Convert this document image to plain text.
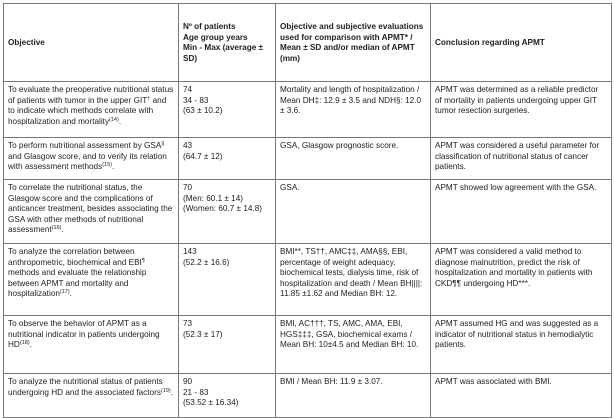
Objective	Nº of patients
Age group years
Min - Max (average ± SD)	Objective and subjective evaluations used for comparison with APMT* / Mean ± SD and/or median of APMT (mm)	Conclusion regarding APMT
To evaluate the preoperative nutritional status of patients with tumor in the upper GIT† and to indicate which methods correlate with hospitalization and mortality$^{(14)}$.	74
34 - 83
(63 ± 10.2)	Mortality and length of hospitalization / Mean DH‡: 12.9 ± 3.5 and NDH§: 12.0 ± 3.6.	APMT was determined as a reliable predictor of mortality in patients undergoing upper GIT tumor resection surgeries.
To perform nutritional assessment by GSA|| and Glasgow score, and to verify its relation with assessment methods$^{(15)}$.	43
(64.7 ± 12)	GSA, Glasgow prognostic score.	APMT was considered a useful parameter for classification of nutritional status of cancer patients.
To correlate the nutritional status, the Glasgow score and the complications of anticancer treatment, besides associating the GSA with other methods of nutritional assessment$^{(16)}$.	70
(Men: 60.1 ± 14)
(Women: 60.7 ± 14.8)	GSA.	APMT showed low agreement with the GSA.
To analyze the correlation between anthropometric, biochemical and EBI¶ methods and evaluate the relationship between APMT and mortality and hospitalization$^{(17)}$.	143
(52.2 ± 16.6)	BMI**, TS††, AMC‡‡, AMA§§, EBI, percentage of weight adequacy, biochemical tests, dialysis time, risk of hospitalization and death / Mean BH||||: 11.85 ±1.62 and Median BH: 12.	APMT was considered a valid method to diagnose malnutrition, predict the risk of hospitalization and mortality in patients with CKD¶¶ undergoing HD***.
To observe the behavior of APMT as a nutritional indicator in patients undergoing HD$^{(18)}$.	73
(52.3 ± 17)	BMI, AC†††, TS, AMC, AMA, EBI, HGS‡‡‡, GSA, biochemical exams / Mean BH: 10±4.5 and Median BH: 10.	APMT assumed HG and was suggested as a indicator of nutritional status in hemodialytic patients.
To analyze the nutritional status of patients undergoing HD and the associated factors$^{(19)}$.	90
21 - 83
(53.52 ± 16.34)	BMI / Mean BH: 11.9 ± 3.07.	APMT was associated with BMI.
